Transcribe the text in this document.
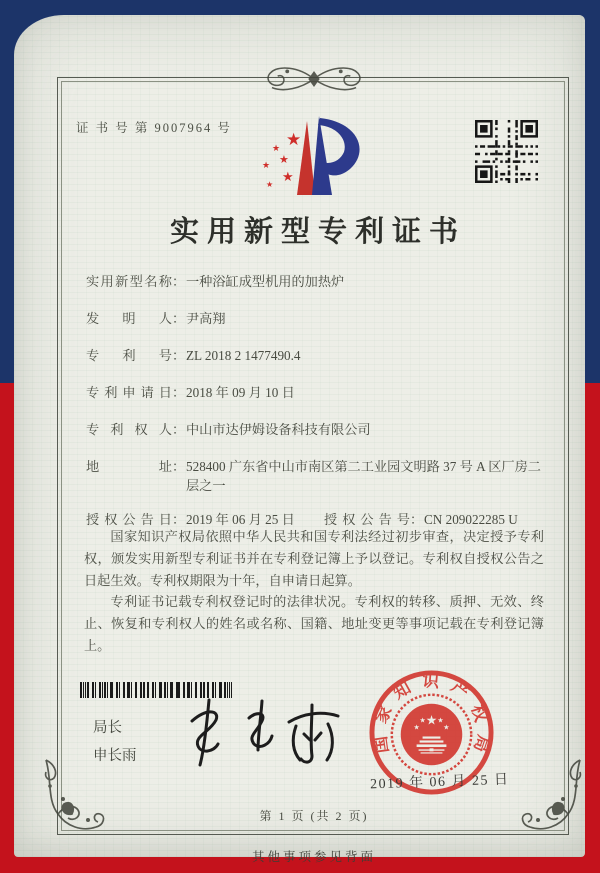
证 书 号 第 9007964 号
★
★
★ ★
★
★
实用新型专利证书
实用新型名称 ： 一种浴缸成型机用的加热炉
发明人 ： 尹高翔
专利号 ： ZL 2018 2 1477490.4
专利申请日 ： 2018 年 09 月 10 日
专利权人 ： 中山市达伊姆设备科技有限公司
地址 ： 528400 广东省中山市南区第二工业园文明路 37 号 A 区厂房二层之一
授权公告日 ： 2019 年 06 月 25 日	授权公告号 ： CN 209022285 U

国家知识产权局依照中华人民共和国专利法经过初步审查，决定授予专利权，颁发实用新型专利证书并在专利登记簿上予以登记。专利权自授权公告之日起生效。专利权期限为十年，自申请日起算。

专利证书记载专利权登记时的法律状况。专利权的转移、质押、无效、终止、恢复和专利权人的姓名或名称、国籍、地址变更等事项记载在专利登记簿上。

局长
申长雨
国家知识产权局
★
★
★ ★
★
2019 年 06 月 25 日
第 1 页 (共 2 页)
其他事项参见背面
